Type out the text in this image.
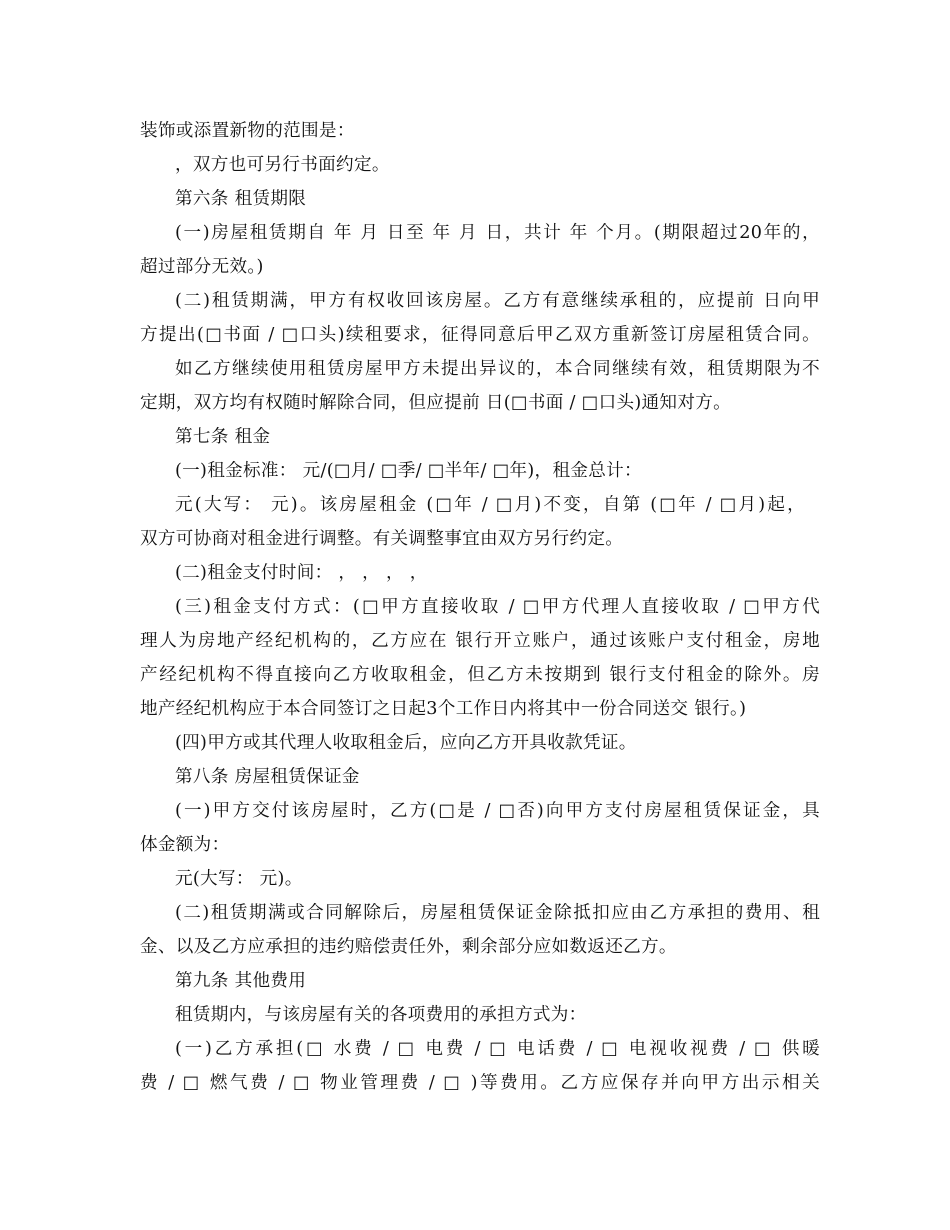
装饰或添置新物的范围是：
，双方也可另行书面约定。
第六条 租赁期限
(一)房屋租赁期自 年 月 日至 年 月 日，共计 年 个月。(期限超过20年的，
超过部分无效。)
(二)租赁期满，甲方有权收回该房屋。乙方有意继续承租的，应提前 日向甲
方提出(□书面 / □口头)续租要求，征得同意后甲乙双方重新签订房屋租赁合同。
如乙方继续使用租赁房屋甲方未提出异议的，本合同继续有效，租赁期限为不
定期，双方均有权随时解除合同，但应提前 日(□书面 / □口头)通知对方。
第七条 租金
(一)租金标准： 元/(□月/ □季/ □半年/ □年)，租金总计：
元(大写： 元)。该房屋租金 (□年 / □月)不变，自第 (□年 / □月)起，
双方可协商对租金进行调整。有关调整事宜由双方另行约定。
(二)租金支付时间： ， ， ， ，
(三)租金支付方式：(□甲方直接收取 / □甲方代理人直接收取 / □甲方代
理人为房地产经纪机构的，乙方应在 银行开立账户，通过该账户支付租金，房地
产经纪机构不得直接向乙方收取租金，但乙方未按期到 银行支付租金的除外。房
地产经纪机构应于本合同签订之日起3个工作日内将其中一份合同送交 银行。)
(四)甲方或其代理人收取租金后，应向乙方开具收款凭证。
第八条 房屋租赁保证金
(一)甲方交付该房屋时，乙方(□是 / □否)向甲方支付房屋租赁保证金，具
体金额为：
元(大写： 元)。
(二)租赁期满或合同解除后，房屋租赁保证金除抵扣应由乙方承担的费用、租
金、以及乙方应承担的违约赔偿责任外，剩余部分应如数返还乙方。
第九条 其他费用
租赁期内，与该房屋有关的各项费用的承担方式为：
(一)乙方承担(□ 水费 / □ 电费 / □ 电话费 / □ 电视收视费 / □ 供暖
费 / □ 燃气费 / □ 物业管理费 / □ )等费用。乙方应保存并向甲方出示相关
